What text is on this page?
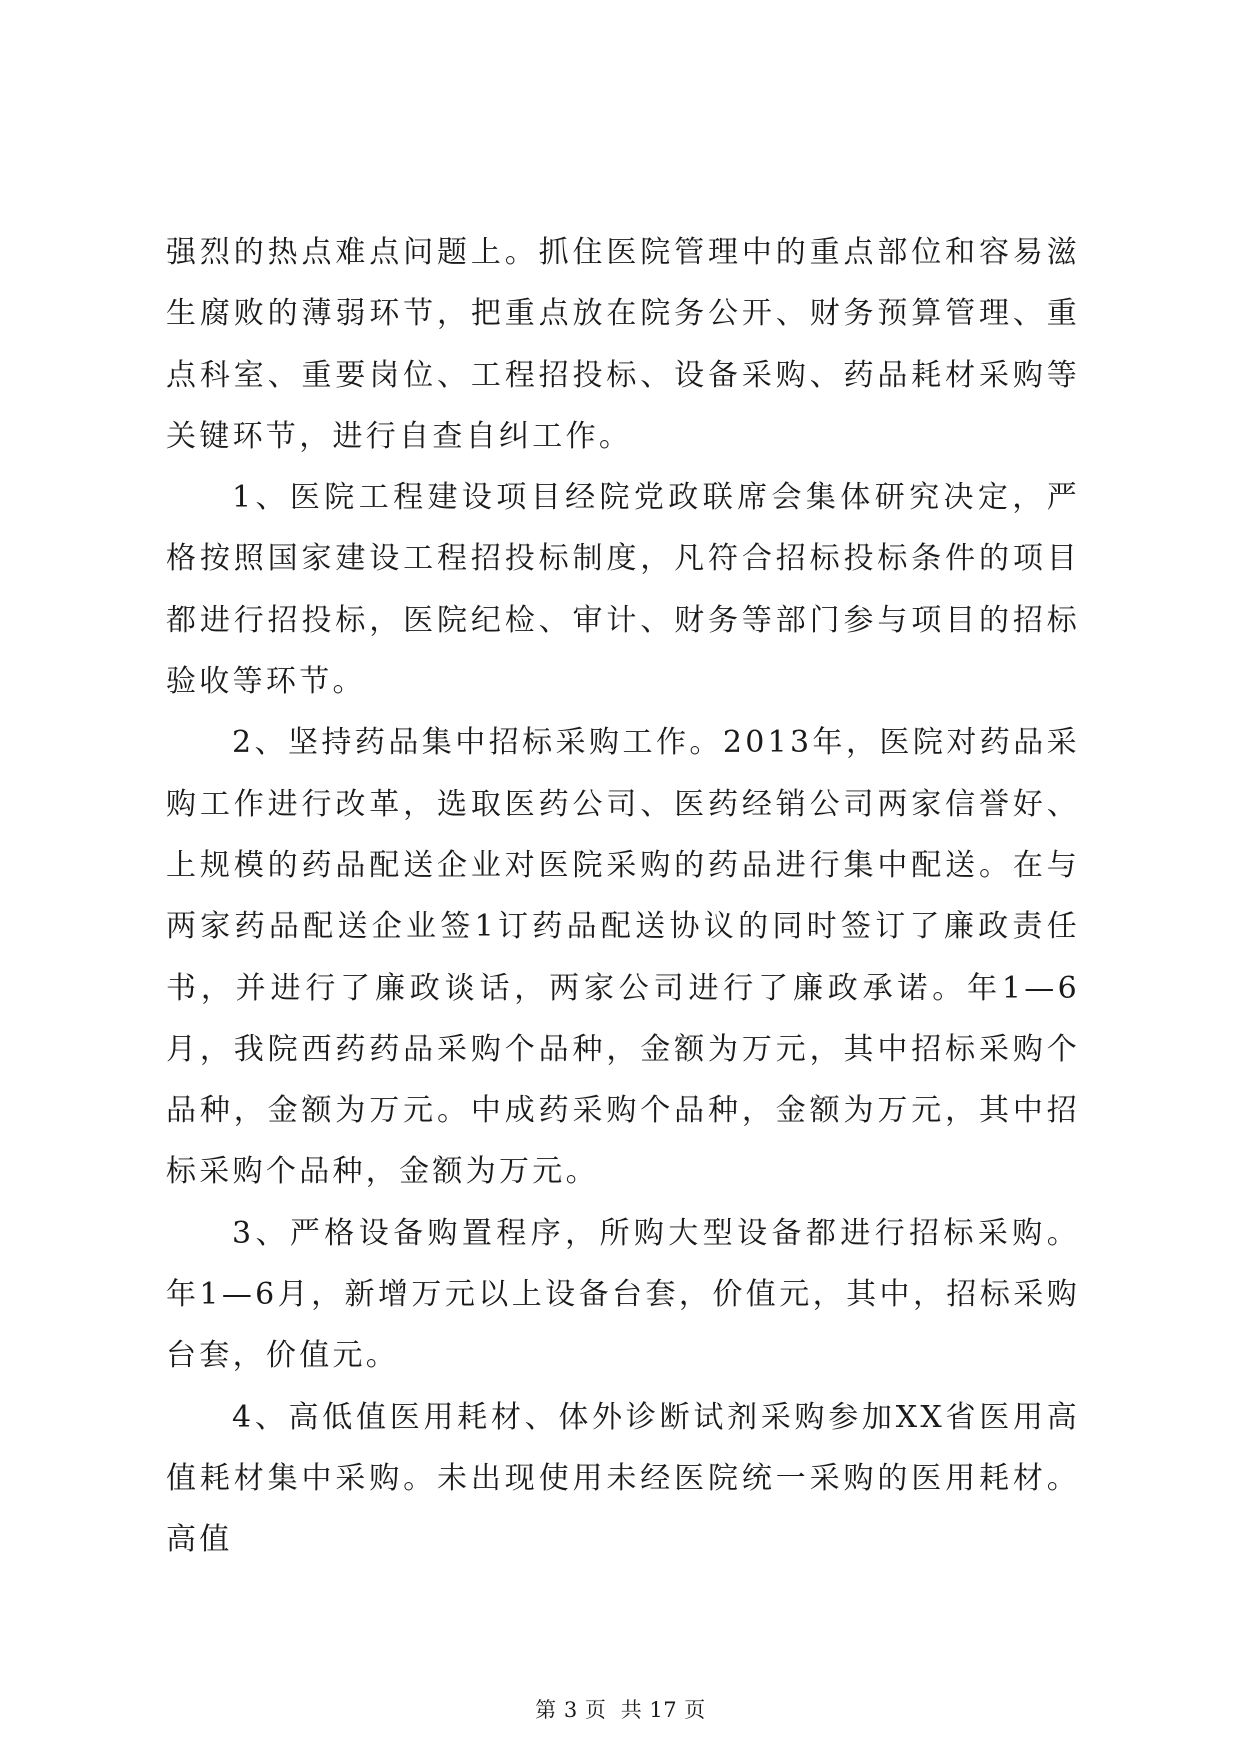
强烈的热点难点问题上。抓住医院管理中的重点部位和容易滋生腐败的薄弱环节，把重点放在院务公开、财务预算管理、重点科室、重要岗位、工程招投标、设备采购、药品耗材采购等关键环节，进行自查自纠工作。

1、医院工程建设项目经院党政联席会集体研究决定，严格按照国家建设工程招投标制度，凡符合招标投标条件的项目都进行招投标，医院纪检、审计、财务等部门参与项目的招标验收等环节。

2、坚持药品集中招标采购工作。2013年，医院对药品采购工作进行改革，选取医药公司、医药经销公司两家信誉好、上规模的药品配送企业对医院采购的药品进行集中配送。在与两家药品配送企业签1订药品配送协议的同时签订了廉政责任书，并进行了廉政谈话，两家公司进行了廉政承诺。年1—6月，我院西药药品采购个品种，金额为万元，其中招标采购个品种，金额为万元。中成药采购个品种，金额为万元，其中招标采购个品种，金额为万元。

3、严格设备购置程序，所购大型设备都进行招标采购。年1—6月，新增万元以上设备台套，价值元，其中，招标采购台套，价值元。

4、高低值医用耗材、体外诊断试剂采购参加XX省医用高值耗材集中采购。未出现使用未经医院统一采购的医用耗材。高值

第 3 页  共 17 页
